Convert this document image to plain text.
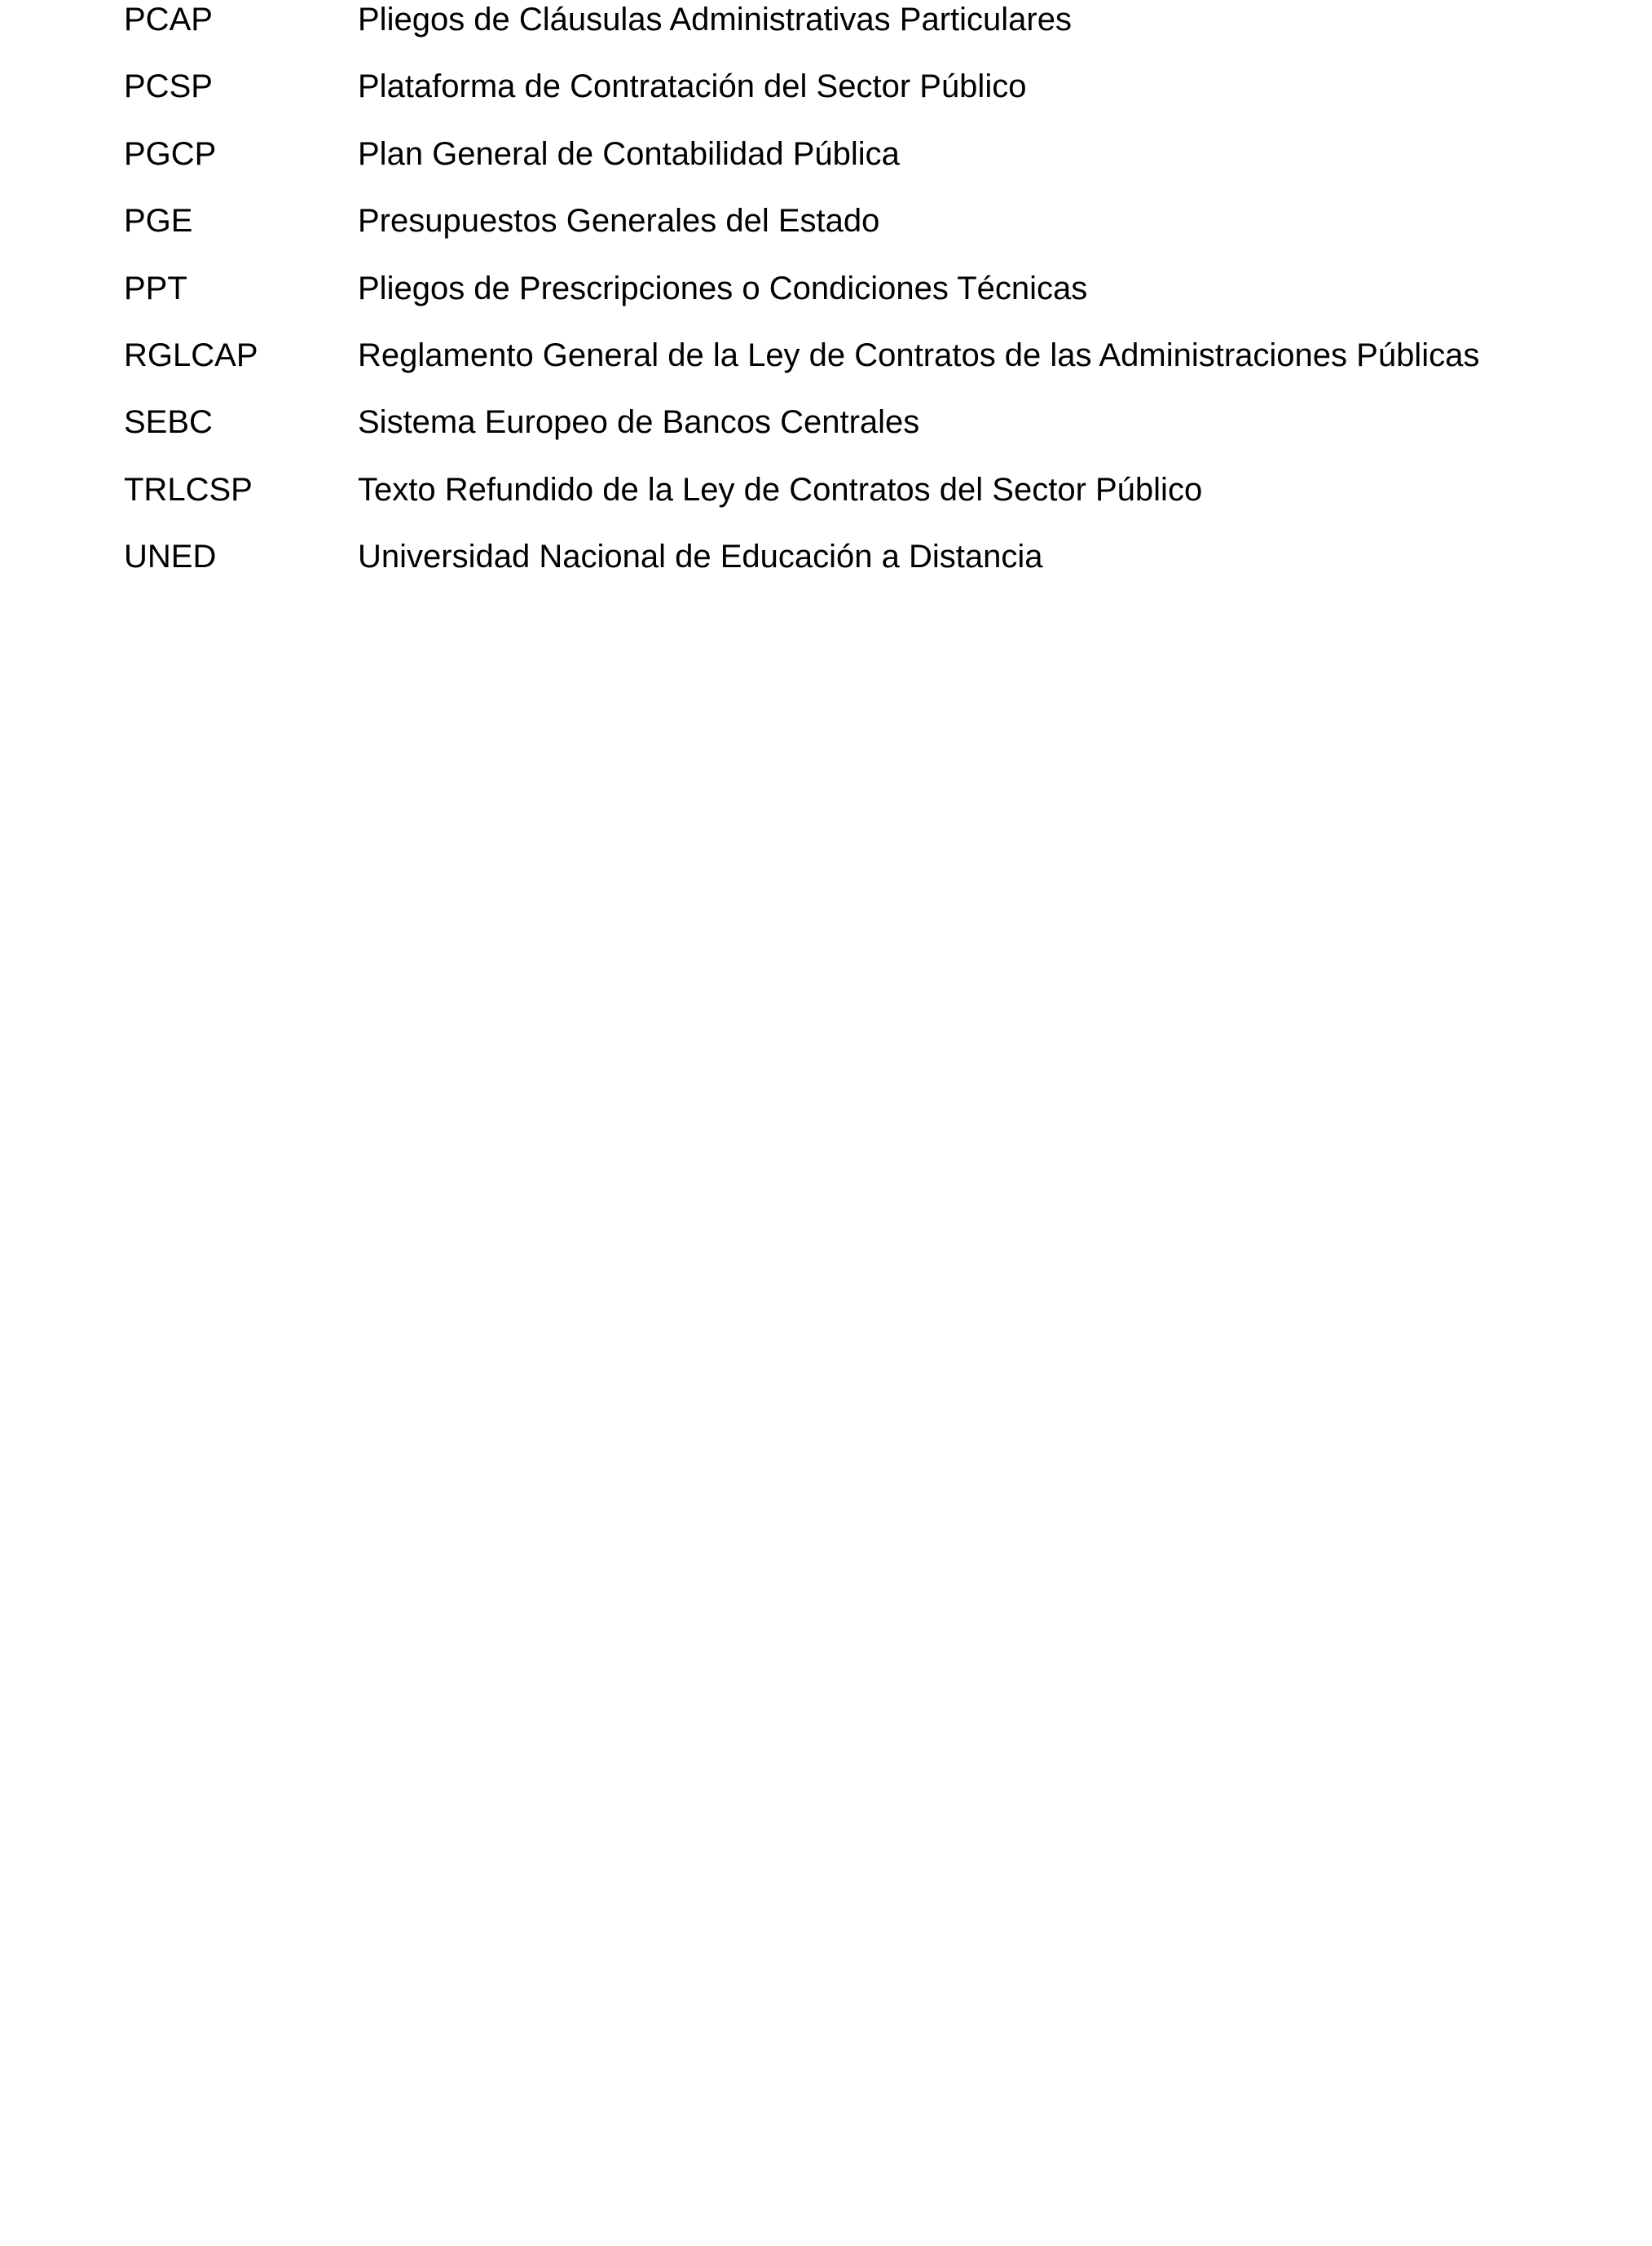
PCAP	Pliegos de Cláusulas Administrativas Particulares
PCSP	Plataforma de Contratación del Sector Público
PGCP	Plan General de Contabilidad Pública
PGE	Presupuestos Generales del Estado
PPT	Pliegos de Prescripciones o Condiciones Técnicas
RGLCAP	Reglamento General de la Ley de Contratos de las Administraciones Públicas
SEBC	Sistema Europeo de Bancos Centrales
TRLCSP	Texto Refundido de la Ley de Contratos del Sector Público
UNED	Universidad Nacional de Educación a Distancia
